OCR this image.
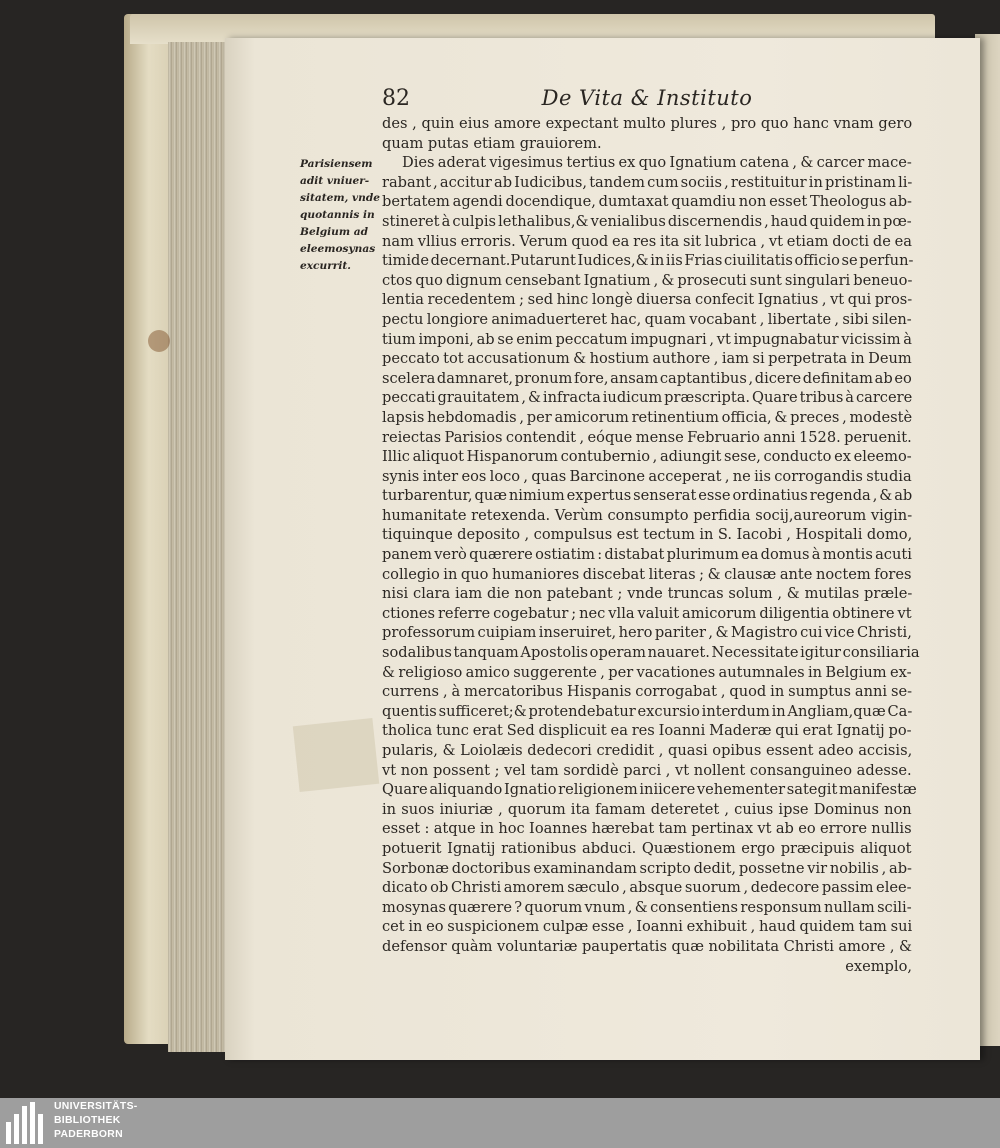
82	De Vita & Instituto
Parisiensem
adit vniuer-
sitatem, vnde
quotannis in
Belgium ad
eleemosynas
excurrit.
des , quin eius amore expectant multo plures , pro quo hanc vnam gero
quam putas etiam grauiorem.
Dies aderat vigesimus tertius ex quo Ignatium catena , & carcer mace-
rabant , accitur ab Iudicibus, tandem cum sociis , restituitur in pristinam li-
bertatem agendi docendique, dumtaxat quamdiu non esset Theologus ab-
stineret à culpis lethalibus,& venialibus discernendis , haud quidem in pœ-
nam vllius erroris. Verum quod ea res ita sit lubrica , vt etiam docti de ea
timide decernant.Putarunt Iudices,& in iis Frias ciuilitatis officio se perfun-
ctos quo dignum censebant Ignatium , & prosecuti sunt singulari beneuo-
lentia recedentem ; sed hinc longè diuersa confecit Ignatius , vt qui pros-
pectu longiore animaduerteret hac, quam vocabant , libertate , sibi silen-
tium imponi, ab se enim peccatum impugnari , vt impugnabatur vicissim à
peccato tot accusationum & hostium authore , iam si perpetrata in Deum
scelera damnaret, pronum fore, ansam captantibus , dicere definitam ab eo
peccati grauitatem , & infracta iudicum præscripta. Quare tribus à carcere
lapsis hebdomadis , per amicorum retinentium officia, & preces , modestè
reiectas Parisios contendit , eóque mense Februario anni 1528. peruenit.
Illic aliquot Hispanorum contubernio , adiungit sese, conducto ex eleemo-
synis inter eos loco , quas Barcinone acceperat , ne iis corrogandis studia
turbarentur, quæ nimium expertus senserat esse ordinatius regenda , & ab
humanitate retexenda. Verùm consumpto perfidia socij,aureorum vigin-
tiquinque deposito , compulsus est tectum in S. Iacobi , Hospitali domo,
panem verò quærere ostiatim : distabat plurimum ea domus à montis acuti
collegio in quo humaniores discebat literas ; & clausæ ante noctem fores
nisi clara iam die non patebant ; vnde truncas solum , & mutilas præle-
ctiones referre cogebatur ; nec vlla valuit amicorum diligentia obtinere vt
professorum cuipiam inseruiret, hero pariter , & Magistro cui vice Christi,
sodalibus tanquam Apostolis operam nauaret. Necessitate igitur consiliaria
& religioso amico suggerente , per vacationes autumnales in Belgium ex-
currens , à mercatoribus Hispanis corrogabat , quod in sumptus anni se-
quentis sufficeret;& protendebatur excursio interdum in Angliam,quæ Ca-
tholica tunc erat Sed displicuit ea res Ioanni Maderæ qui erat Ignatij po-
pularis, & Loiolæis dedecori credidit , quasi opibus essent adeo accisis,
vt non possent ; vel tam sordidè parci , vt nollent consanguineo adesse.
Quare aliquando Ignatio religionem iniicere vehementer sategit manifestæ
in suos iniuriæ , quorum ita famam deteretet , cuius ipse Dominus non
esset : atque in hoc Ioannes hærebat tam pertinax vt ab eo errore nullis
potuerit Ignatij rationibus abduci. Quæstionem ergo præcipuis aliquot
Sorbonæ doctoribus examinandam scripto dedit, possetne vir nobilis , ab-
dicato ob Christi amorem sæculo , absque suorum , dedecore passim elee-
mosynas quærere ? quorum vnum , & consentiens responsum nullam scili-
cet in eo suspicionem culpæ esse , Ioanni exhibuit , haud quidem tam sui
defensor quàm voluntariæ paupertatis quæ nobilitata Christi amore , &
exemplo,
UNIVERSITÄTS-
BIBLIOTHEK
PADERBORN
